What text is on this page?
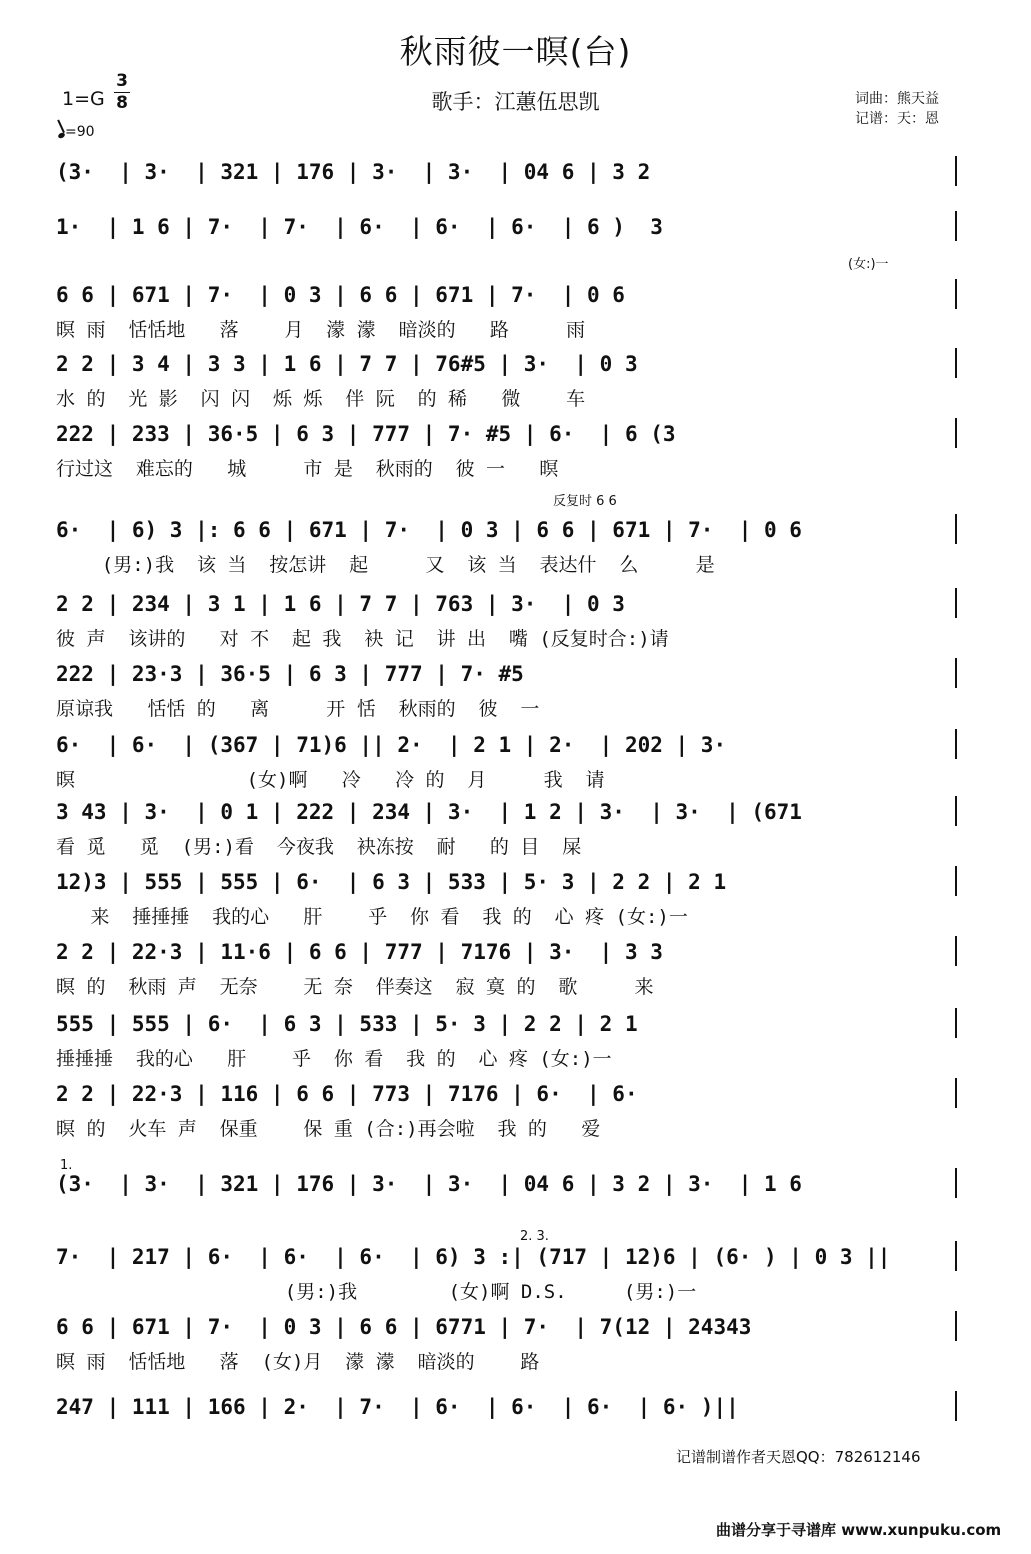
秋雨彼一暝(台)
歌手：江蕙伍思凯	词曲：熊天益
记谱：天：恩
1=G
3
8
=90
(3·  | 3·  | 321 | 176 | 3·  | 3·  | 04 6 | 3 2
1·  | 1 6 | 7·  | 7·  | 6·  | 6·  | 6·  | 6 )  3
(女:)一
6 6 | 671 | 7·  | 0 3 | 6 6 | 671 | 7·  | 0 6
暝 雨  恬恬地   落    月  濛 濛  暗淡的   路     雨
2 2 | 3 4 | 3 3 | 1 6 | 7 7 | 76#5 | 3·  | 0 3
水 的  光 影  闪 闪  烁 烁  伴 阮  的 稀   微    车
222 | 233 | 36·5 | 6 3 | 777 | 7· #5 | 6·  | 6 (3
行过这  难忘的   城     市 是  秋雨的  彼 一   暝
6·  | 6) 3 |: 6 6 | 671 | 7·  | 0 3 | 6 6 | 671 | 7·  | 0 6
(男:)我  该 当  按怎讲  起     又  该 当  表达什  么     是
反复时 6 6
2 2 | 234 | 3 1 | 1 6 | 7 7 | 763 | 3·  | 0 3
彼 声  该讲的   对 不  起 我  袂 记  讲 出  嘴 (反复时合:)请
222 | 23·3 | 36·5 | 6 3 | 777 | 7· #5
原谅我   恬恬 的   离     开 恬  秋雨的  彼  一
6·  | 6·  | (367 | 71)6 || 2·  | 2 1 | 2·  | 202 | 3·
暝               (女)啊   冷   冷 的  月     我  请
3 43 | 3·  | 0 1 | 222 | 234 | 3·  | 1 2 | 3·  | 3·  | (671
看 觅   觅  (男:)看  今夜我  袂冻按  耐   的 目  屎
12)3 | 555 | 555 | 6·  | 6 3 | 533 | 5· 3 | 2 2 | 2 1
来  捶捶捶  我的心   肝    乎  你 看  我 的  心 疼 (女:)一
2 2 | 22·3 | 11·6 | 6 6 | 777 | 7176 | 3·  | 3 3
暝 的  秋雨 声  无奈    无 奈  伴奏这  寂 寞 的  歌     来
555 | 555 | 6·  | 6 3 | 533 | 5· 3 | 2 2 | 2 1
捶捶捶  我的心   肝    乎  你 看  我 的  心 疼 (女:)一
2 2 | 22·3 | 116 | 6 6 | 773 | 7176 | 6·  | 6·
暝 的  火车 声  保重    保 重 (合:)再会啦  我 的   爱
(3·  | 3·  | 321 | 176 | 3·  | 3·  | 04 6 | 3 2 | 3·  | 1 6
1.
7·  | 217 | 6·  | 6·  | 6·  | 6) 3 :| (717 | 12)6 | (6· ) | 0 3 ||
(男:)我        (女)啊 D.S.     (男:)一
2. 3.
6 6 | 671 | 7·  | 0 3 | 6 6 | 6771 | 7·  | 7(12 | 24343
暝 雨  恬恬地   落  (女)月  濛 濛  暗淡的    路
247 | 111 | 166 | 2·  | 7·  | 6·  | 6·  | 6·  | 6· )||
记谱制谱作者天恩QQ：782612146
曲谱分享于寻谱库 www.xunpuku.com
